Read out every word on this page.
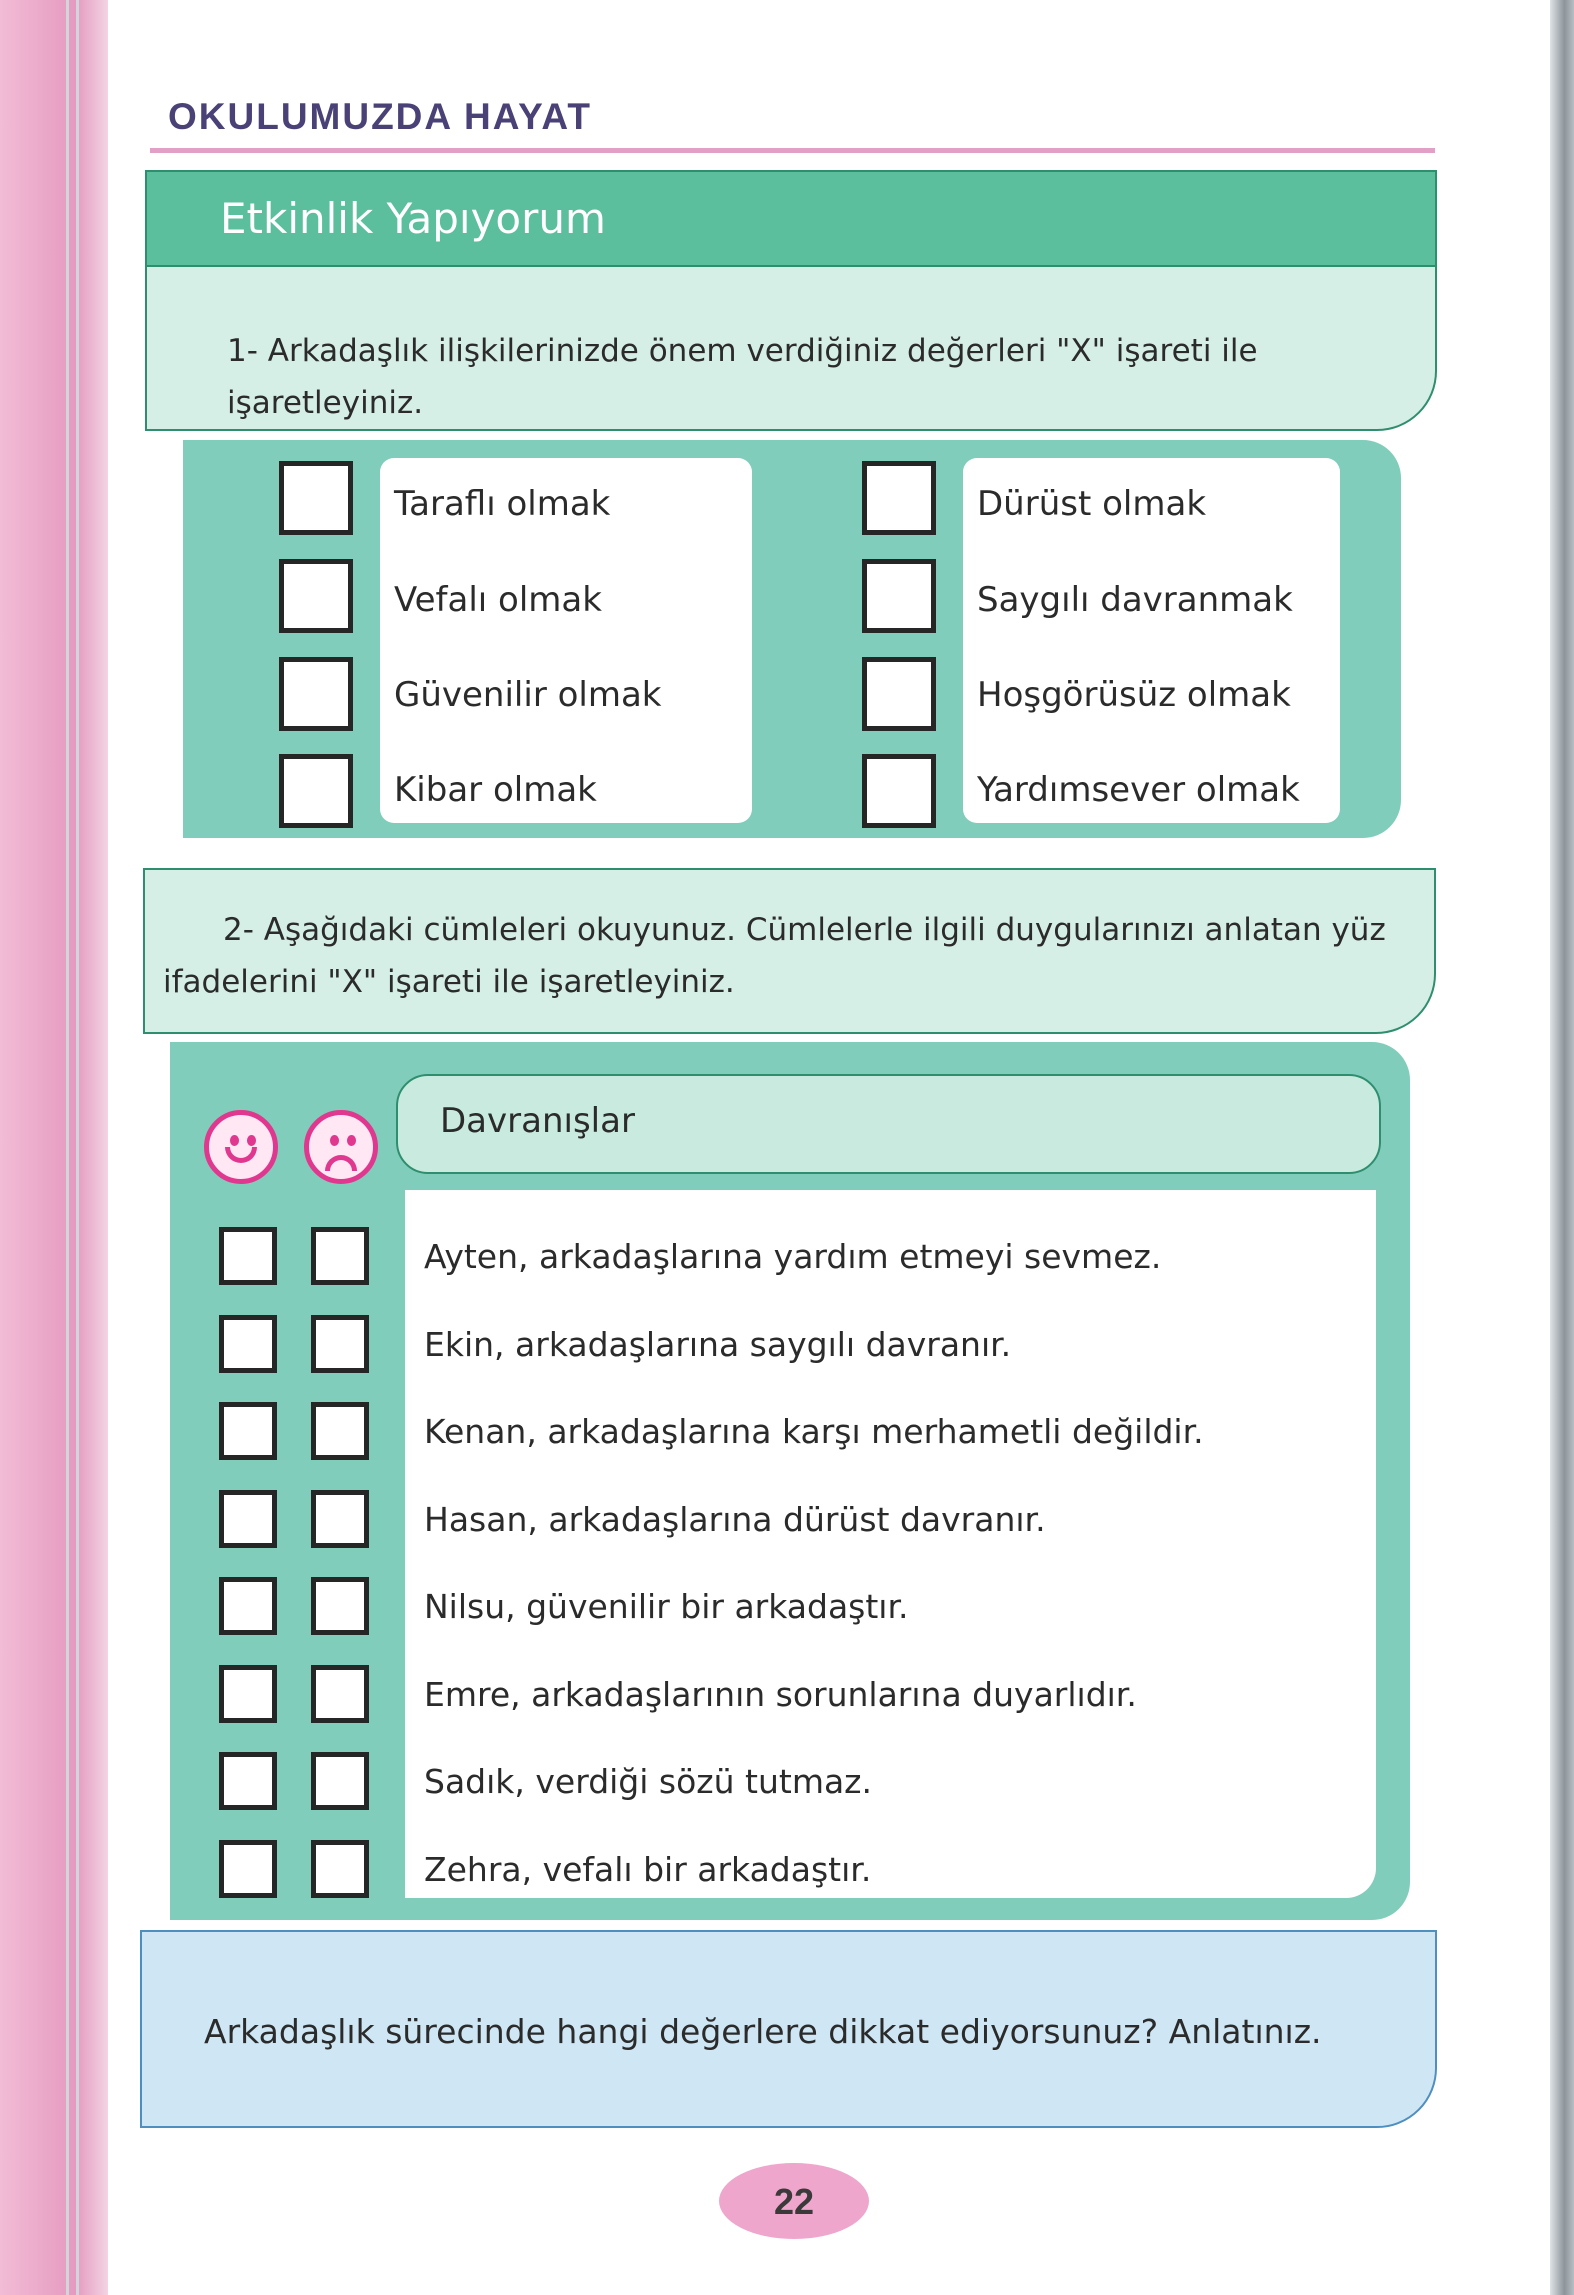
OKULUMUZDA HAYAT
Etkinlik Yapıyorum
1- Arkadaşlık ilişkilerinizde önem verdiğiniz değerleri "X" işareti ile işaretleyiniz.
Taraflı olmak
Vefalı olmak
Güvenilir olmak
Kibar olmak
Dürüst olmak
Saygılı davranmak
Hoşgörüsüz olmak
Yardımsever olmak
2- Aşağıdaki cümleleri okuyunuz. Cümlelerle ilgili duygularınızı anlatan yüz ifadelerini "X" işareti ile işaretleyiniz.
Davranışlar
Ayten, arkadaşlarına yardım etmeyi sevmez.
Ekin, arkadaşlarına saygılı davranır.
Kenan, arkadaşlarına karşı merhametli değildir.
Hasan, arkadaşlarına dürüst davranır.
Nilsu, güvenilir bir arkadaştır.
Emre, arkadaşlarının sorunlarına duyarlıdır.
Sadık, verdiği sözü tutmaz.
Zehra, vefalı bir arkadaştır.
Arkadaşlık sürecinde hangi değerlere dikkat ediyorsunuz? Anlatınız.
22
